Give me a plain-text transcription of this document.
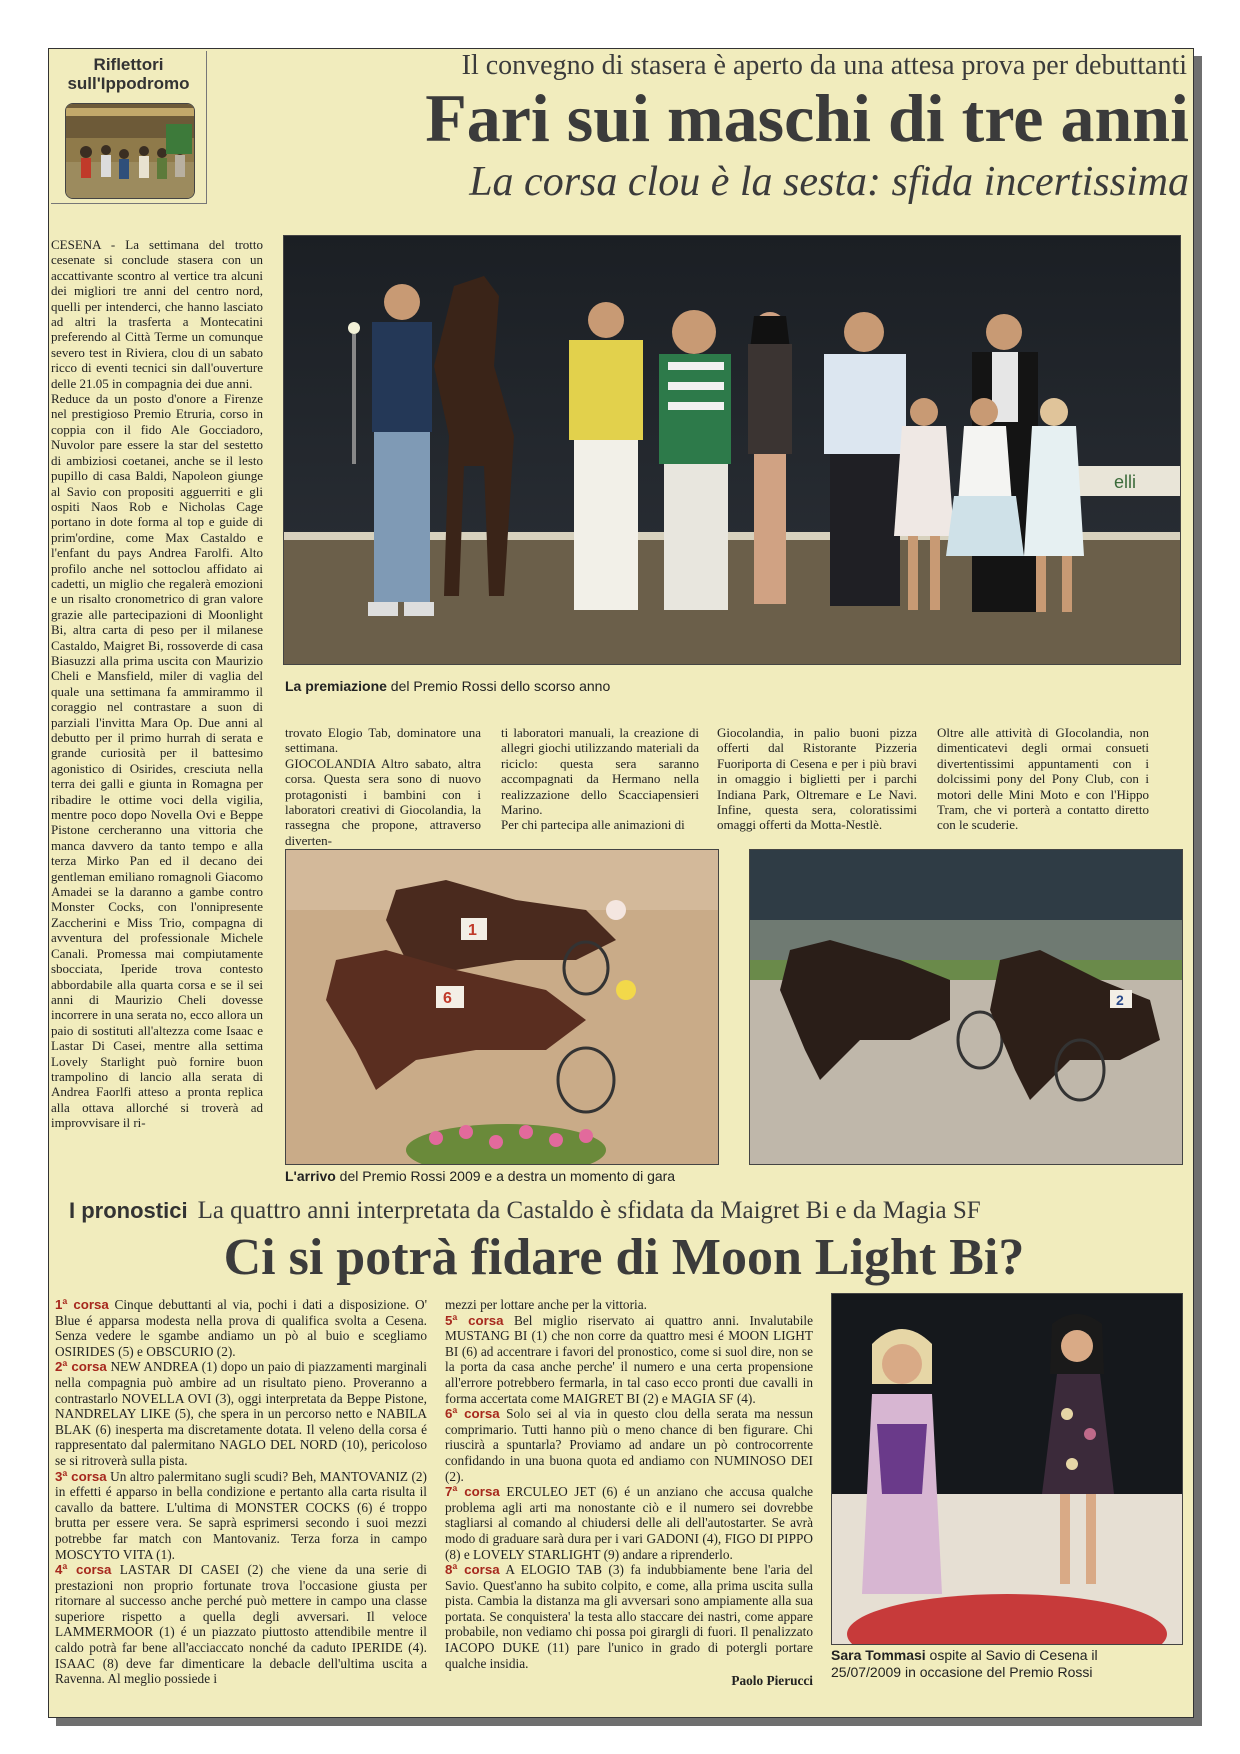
Riflettori
sull'Ippodromo
Il convegno di stasera è aperto da una attesa prova per debuttanti
Fari sui maschi di tre anni
La corsa clou è la sesta: sfida incertissima
elli
La premiazione del Premio Rossi dello scorso anno

CESENA - La settimana del trotto cesenate si conclude stasera con un accattivante scontro al vertice tra alcuni dei migliori tre anni del centro nord, quelli per intenderci, che hanno lasciato ad altri la trasferta a Montecatini preferendo al Città Terme un comunque severo test in Riviera, clou di un sabato ricco di eventi tecnici sin dall'ouverture delle 21.05 in compagnia dei due anni.

Reduce da un posto d'onore a Firenze nel prestigioso Premio Etruria, corso in coppia con il fido Ale Gocciadoro, Nuvolor pare essere la star del sestetto di ambiziosi coetanei, anche se il lesto pupillo di casa Baldi, Napoleon giunge al Savio con propositi agguerriti e gli ospiti Naos Rob e Nicholas Cage portano in dote forma al top e guide di prim'ordine, come Max Castaldo e l'enfant du pays Andrea Farolfi. Alto profilo anche nel sottoclou affidato ai cadetti, un miglio che regalerà emozioni e un risalto cronometrico di gran valore grazie alle partecipazioni di Moonlight Bi, altra carta di peso per il milanese Castaldo, Maigret Bi, rossoverde di casa Biasuzzi alla prima uscita con Maurizio Cheli e Mansfield, miler di vaglia del quale una settimana fa ammirammo il coraggio nel contrastare a suon di parziali l'invitta Mara Op. Due anni al debutto per il primo hurrah di serata e grande curiosità per il battesimo agonistico di Osirides, cresciuta nella terra dei galli e giunta in Romagna per ribadire le ottime voci della vigilia, mentre poco dopo Novella Ovi e Beppe Pistone cercheranno una vittoria che manca davvero da tanto tempo e alla terza Mirko Pan ed il decano dei gentleman emiliano romagnoli Giacomo Amadei se la daranno a gambe contro Monster Cocks, con l'onnipresente Zaccherini e Miss Trio, compagna di avventura del professionale Michele Canali. Promessa mai compiutamente sbocciata, Iperide trova contesto abbordabile alla quarta corsa e se il sei anni di Maurizio Cheli dovesse incorrere in una serata no, ecco allora un paio di sostituti all'altezza come Isaac e Lastar Di Casei, mentre alla settima Lovely Starlight può fornire buon trampolino di lancio alla serata di Andrea Faorlfi atteso a pronta replica alla ottava allorché si troverà ad improvvisare il ri-

trovato Elogio Tab, dominatore una settimana.
GIOCOLANDIA Altro sabato, altra corsa. Questa sera sono di nuovo protagonisti i bambini con i laboratori creativi di Giocolandia, la rassegna che propone, attraverso diverten-
ti laboratori manuali, la creazione di allegri giochi utilizzando materiali da riciclo: questa sera saranno accompagnati da Hermano nella realizzazione dello Scacciapensieri Marino.
Per chi partecipa alle animazioni di
Giocolandia, in palio buoni pizza offerti dal Ristorante Pizzeria Fuoriporta di Cesena e per i più bravi in omaggio i biglietti per i parchi Indiana Park, Oltremare e Le Navi. Infine, questa sera, coloratissimi omaggi offerti da Motta-Nestlè.
Oltre alle attività di GIocolandia, non dimenticatevi degli ormai consueti divertentissimi appuntamenti con i dolcissimi pony del Pony Club, con i motori delle Mini Moto e con l'Hippo Tram, che vi porterà a contatto diretto con le scuderie.
1
6	2
L'arrivo del Premio Rossi 2009 e a destra un momento di gara
I pronostici La quattro anni interpretata da Castaldo è sfidata da Maigret Bi e da Magia SF
Ci si potrà fidare di Moon Light Bi?

1ª corsa Cinque debuttanti al via, pochi i dati a disposizione. O' Blue é apparsa modesta nella prova di qualifica svolta a Cesena. Senza vedere le sgambe andiamo un pò al buio e scegliamo OSIRIDES (5) e OBSCURIO (2).

2ª corsa NEW ANDREA (1) dopo un paio di piazzamenti marginali nella compagnia può ambire ad un risultato pieno. Proveranno a contrastarlo NOVELLA OVI (3), oggi interpretata da Beppe Pistone, NANDRELAY LIKE (5), che spera in un percorso netto e NABILA BLAK (6) inesperta ma discretamente dotata. Il veleno della corsa é rappresentato dal palermitano NAGLO DEL NORD (10), pericoloso se si ritroverà sulla pista.

3ª corsa Un altro palermitano sugli scudi? Beh, MANTOVANIZ (2) in effetti é apparso in bella condizione e pertanto alla carta risulta il cavallo da battere. L'ultima di MONSTER COCKS (6) é troppo brutta per essere vera. Se saprà esprimersi secondo i suoi mezzi potrebbe far match con Mantovaniz. Terza forza in campo MOSCYTO VITA (1).

4ª corsa LASTAR DI CASEI (2) che viene da una serie di prestazioni non proprio fortunate trova l'occasione giusta per ritornare al successo anche perché può mettere in campo una classe superiore rispetto a quella degli avversari. Il veloce LAMMERMOOR (1) é un piazzato piuttosto attendibile mentre il caldo potrà far bene all'acciaccato nonché da caduto IPERIDE (4). ISAAC (8) deve far dimenticare la debacle dell'ultima uscita a Ravenna. Al meglio possiede i

mezzi per lottare anche per la vittoria.

5ª corsa Bel miglio riservato ai quattro anni. Invalutabile MUSTANG BI (1) che non corre da quattro mesi é MOON LIGHT BI (6) ad accentrare i favori del pronostico, come si suol dire, non se la porta da casa anche perche' il numero e una certa propensione all'errore potrebbero fermarla, in tal caso ecco pronti due cavalli in forma accertata come MAIGRET BI (2) e MAGIA SF (4).

6ª corsa Solo sei al via in questo clou della serata ma nessun comprimario. Tutti hanno più o meno chance di ben figurare. Chi riuscirà a spuntarla? Proviamo ad andare un pò controcorrente confidando in una buona quota ed andiamo con NUMINOSO DEI (2).

7ª corsa ERCULEO JET (6) é un anziano che accusa qualche problema agli arti ma nonostante ciò e il numero sei dovrebbe stagliarsi al comando al chiudersi delle ali dell'autostarter. Se avrà modo di graduare sarà dura per i vari GADONI (4), FIGO DI PIPPO (8) e LOVELY STARLIGHT (9) andare a riprenderlo.

8ª corsa A ELOGIO TAB (3) fa indubbiamente bene l'aria del Savio. Quest'anno ha subito colpito, e come, alla prima uscita sulla pista. Cambia la distanza ma gli avversari sono ampiamente alla sua portata. Se conquistera' la testa allo staccare dei nastri, come appare probabile, non vediamo chi possa poi girargli di fuori. Il penalizzato IACOPO DUKE (11) pare l'unico in grado di potergli portare qualche insidia.

Paolo Pierucci

Sara Tommasi ospite al Savio di Cesena il
25/07/2009 in occasione del Premio Rossi
